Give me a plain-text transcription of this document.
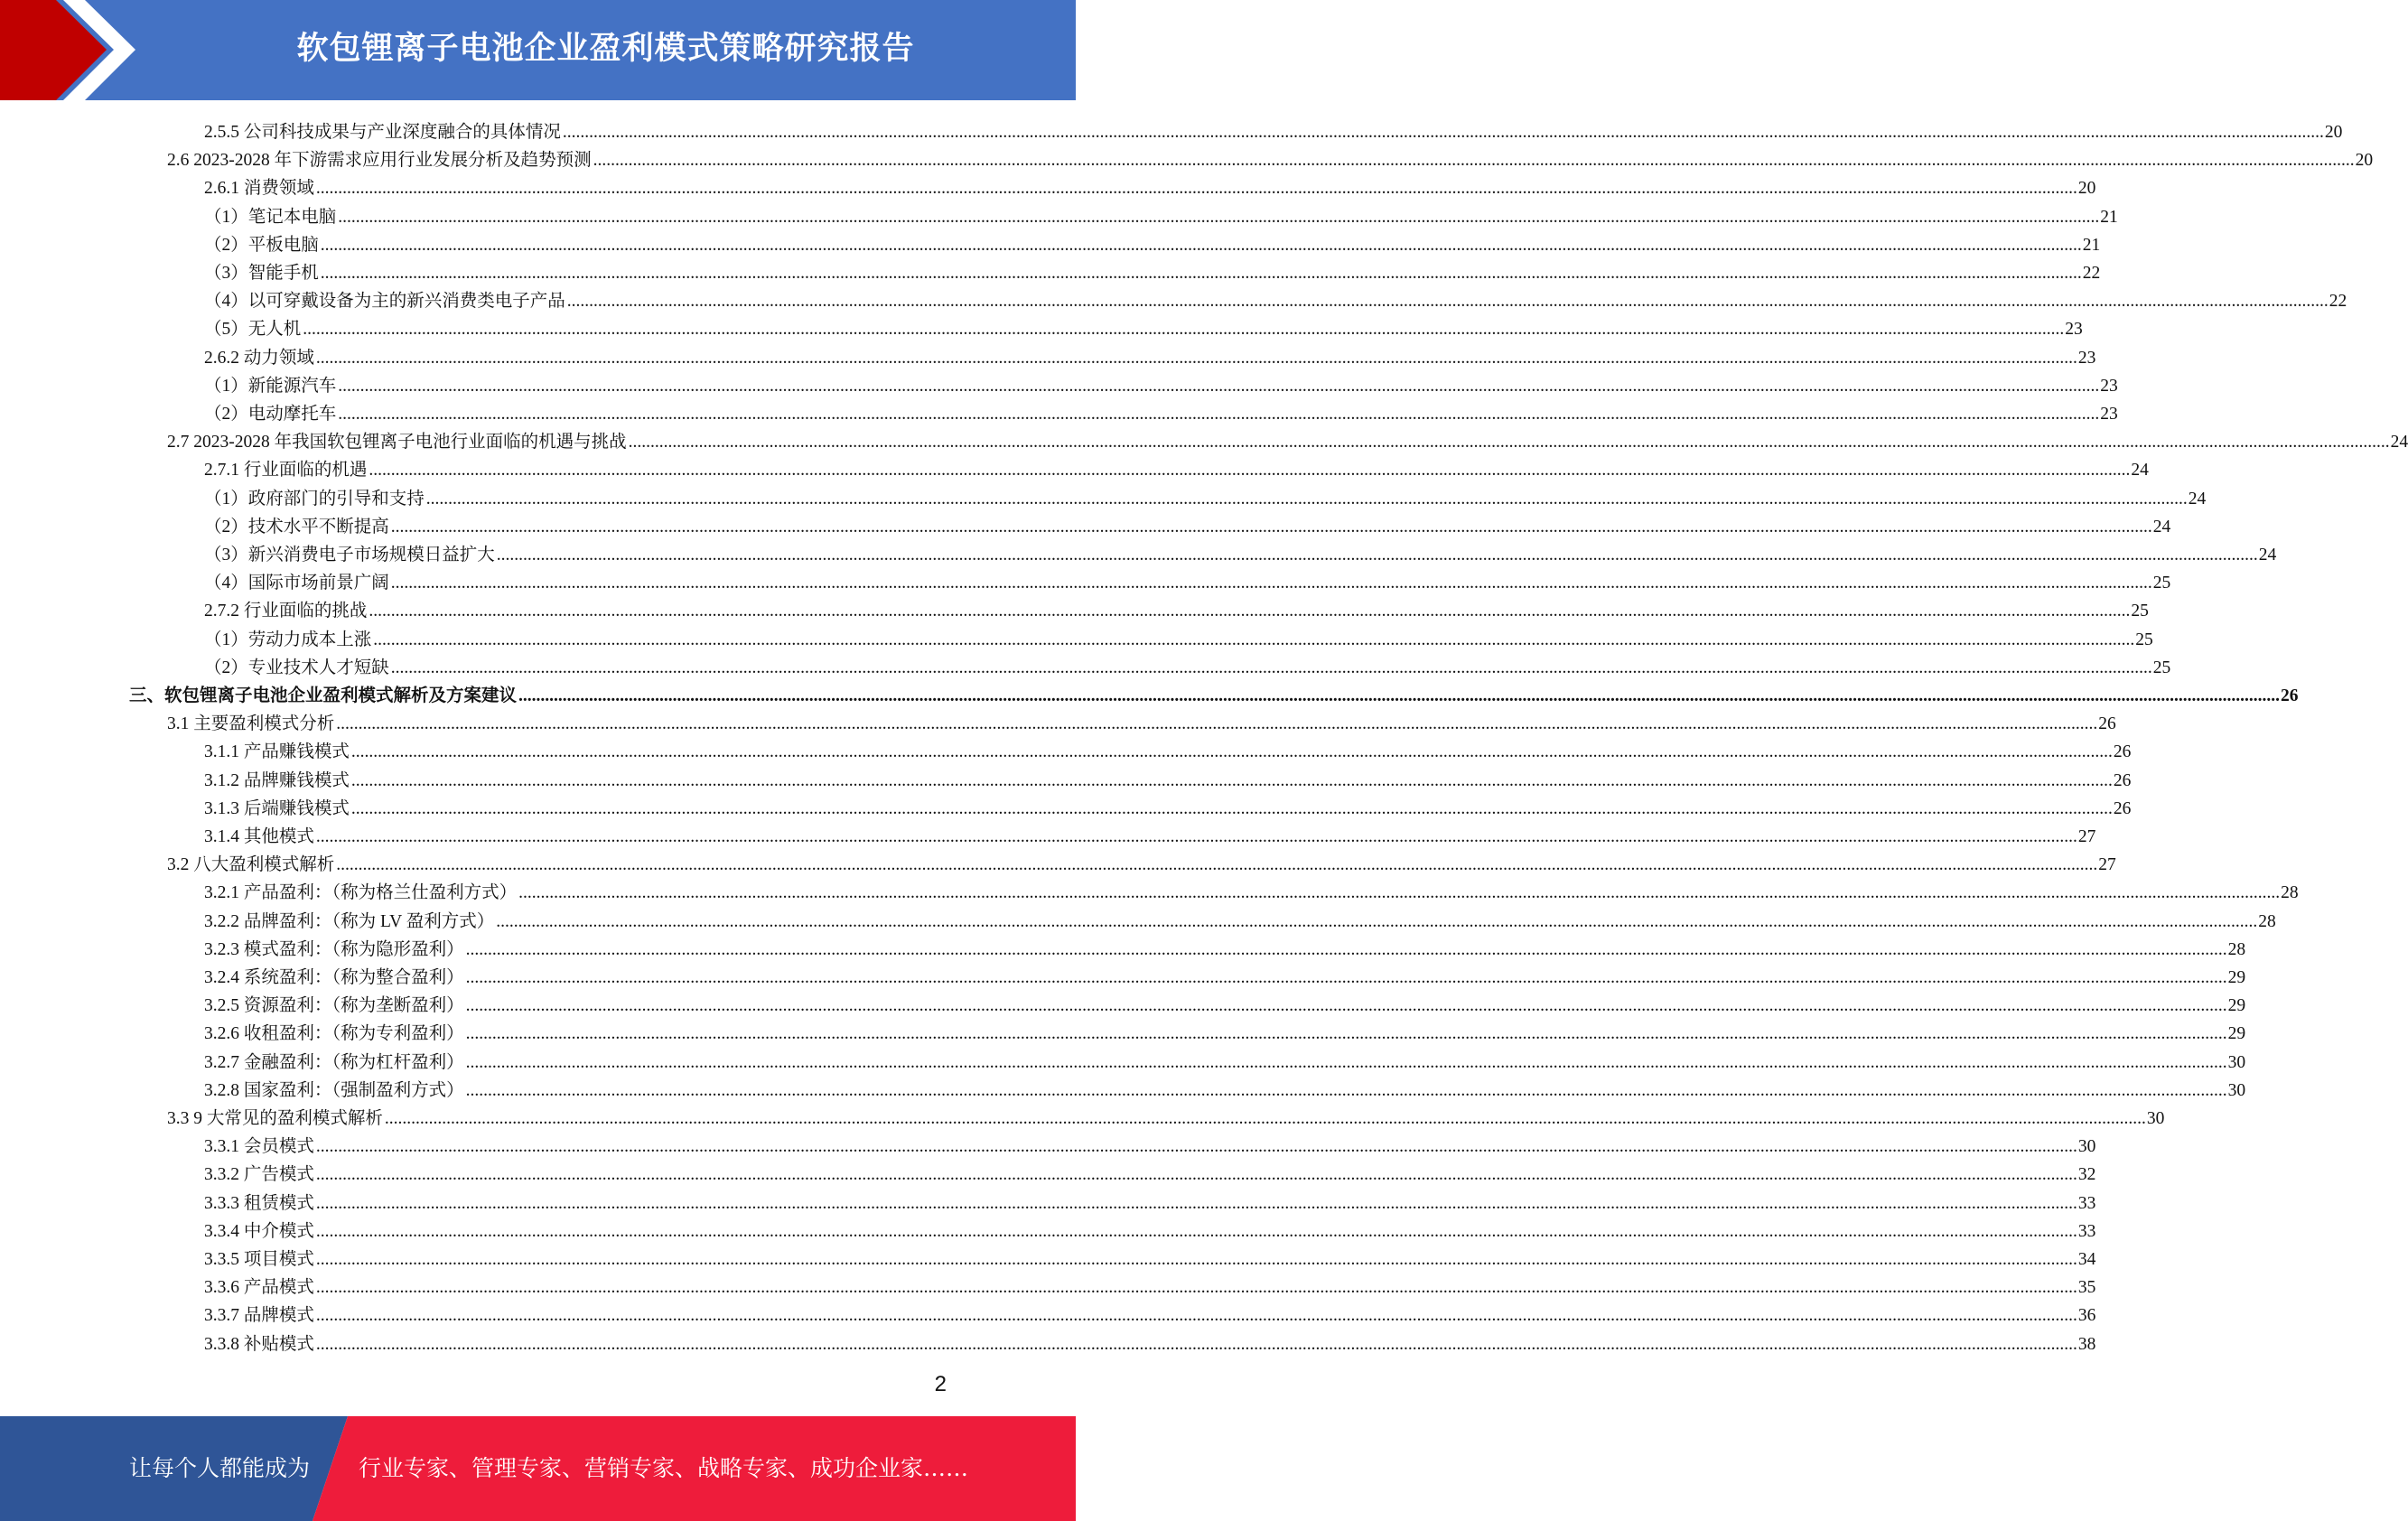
软包锂离子电池企业盈利模式策略研究报告
2.5.5 公司科技成果与产业深度融合的具体情况 ................................................................................................................................................................................................................................................................................................................................................................................................................ 20
2.6 2023-2028 年下游需求应用行业发展分析及趋势预测 ................................................................................................................................................................................................................................................................................................................................................................................................................ 20
2.6.1 消费领域 ................................................................................................................................................................................................................................................................................................................................................................................................................ 20
（1）笔记本电脑 ................................................................................................................................................................................................................................................................................................................................................................................................................ 21
（2）平板电脑 ................................................................................................................................................................................................................................................................................................................................................................................................................ 21
（3）智能手机 ................................................................................................................................................................................................................................................................................................................................................................................................................ 22
（4）以可穿戴设备为主的新兴消费类电子产品 ................................................................................................................................................................................................................................................................................................................................................................................................................ 22
（5）无人机 ................................................................................................................................................................................................................................................................................................................................................................................................................ 23
2.6.2 动力领域 ................................................................................................................................................................................................................................................................................................................................................................................................................ 23
（1）新能源汽车 ................................................................................................................................................................................................................................................................................................................................................................................................................ 23
（2）电动摩托车 ................................................................................................................................................................................................................................................................................................................................................................................................................ 23
2.7 2023-2028 年我国软包锂离子电池行业面临的机遇与挑战 ................................................................................................................................................................................................................................................................................................................................................................................................................ 24
2.7.1 行业面临的机遇 ................................................................................................................................................................................................................................................................................................................................................................................................................ 24
（1）政府部门的引导和支持 ................................................................................................................................................................................................................................................................................................................................................................................................................ 24
（2）技术水平不断提高 ................................................................................................................................................................................................................................................................................................................................................................................................................ 24
（3）新兴消费电子市场规模日益扩大 ................................................................................................................................................................................................................................................................................................................................................................................................................ 24
（4）国际市场前景广阔 ................................................................................................................................................................................................................................................................................................................................................................................................................ 25
2.7.2 行业面临的挑战 ................................................................................................................................................................................................................................................................................................................................................................................................................ 25
（1）劳动力成本上涨 ................................................................................................................................................................................................................................................................................................................................................................................................................ 25
（2）专业技术人才短缺 ................................................................................................................................................................................................................................................................................................................................................................................................................ 25
三、软包锂离子电池企业盈利模式解析及方案建议 ................................................................................................................................................................................................................................................................................................................................................................................................................ 26
3.1 主要盈利模式分析 ................................................................................................................................................................................................................................................................................................................................................................................................................ 26
3.1.1 产品赚钱模式 ................................................................................................................................................................................................................................................................................................................................................................................................................ 26
3.1.2 品牌赚钱模式 ................................................................................................................................................................................................................................................................................................................................................................................................................ 26
3.1.3 后端赚钱模式 ................................................................................................................................................................................................................................................................................................................................................................................................................ 26
3.1.4 其他模式 ................................................................................................................................................................................................................................................................................................................................................................................................................ 27
3.2 八大盈利模式解析 ................................................................................................................................................................................................................................................................................................................................................................................................................ 27
3.2.1 产品盈利：（称为格兰仕盈利方式） ................................................................................................................................................................................................................................................................................................................................................................................................................ 28
3.2.2 品牌盈利：（称为 LV 盈利方式） ................................................................................................................................................................................................................................................................................................................................................................................................................ 28
3.2.3 模式盈利：（称为隐形盈利） ................................................................................................................................................................................................................................................................................................................................................................................................................ 28
3.2.4 系统盈利：（称为整合盈利） ................................................................................................................................................................................................................................................................................................................................................................................................................ 29
3.2.5 资源盈利：（称为垄断盈利） ................................................................................................................................................................................................................................................................................................................................................................................................................ 29
3.2.6 收租盈利：（称为专利盈利） ................................................................................................................................................................................................................................................................................................................................................................................................................ 29
3.2.7 金融盈利：（称为杠杆盈利） ................................................................................................................................................................................................................................................................................................................................................................................................................ 30
3.2.8 国家盈利：（强制盈利方式） ................................................................................................................................................................................................................................................................................................................................................................................................................ 30
3.3 9 大常见的盈利模式解析 ................................................................................................................................................................................................................................................................................................................................................................................................................ 30
3.3.1 会员模式 ................................................................................................................................................................................................................................................................................................................................................................................................................ 30
3.3.2 广告模式 ................................................................................................................................................................................................................................................................................................................................................................................................................ 32
3.3.3 租赁模式 ................................................................................................................................................................................................................................................................................................................................................................................................................ 33
3.3.4 中介模式 ................................................................................................................................................................................................................................................................................................................................................................................................................ 33
3.3.5 项目模式 ................................................................................................................................................................................................................................................................................................................................................................................................................ 34
3.3.6 产品模式 ................................................................................................................................................................................................................................................................................................................................................................................................................ 35
3.3.7 品牌模式 ................................................................................................................................................................................................................................................................................................................................................................................................................ 36
3.3.8 补贴模式 ................................................................................................................................................................................................................................................................................................................................................................................................................ 38
2
让每个人都能成为 行业专家、管理专家、营销专家、战略专家、成功企业家……
